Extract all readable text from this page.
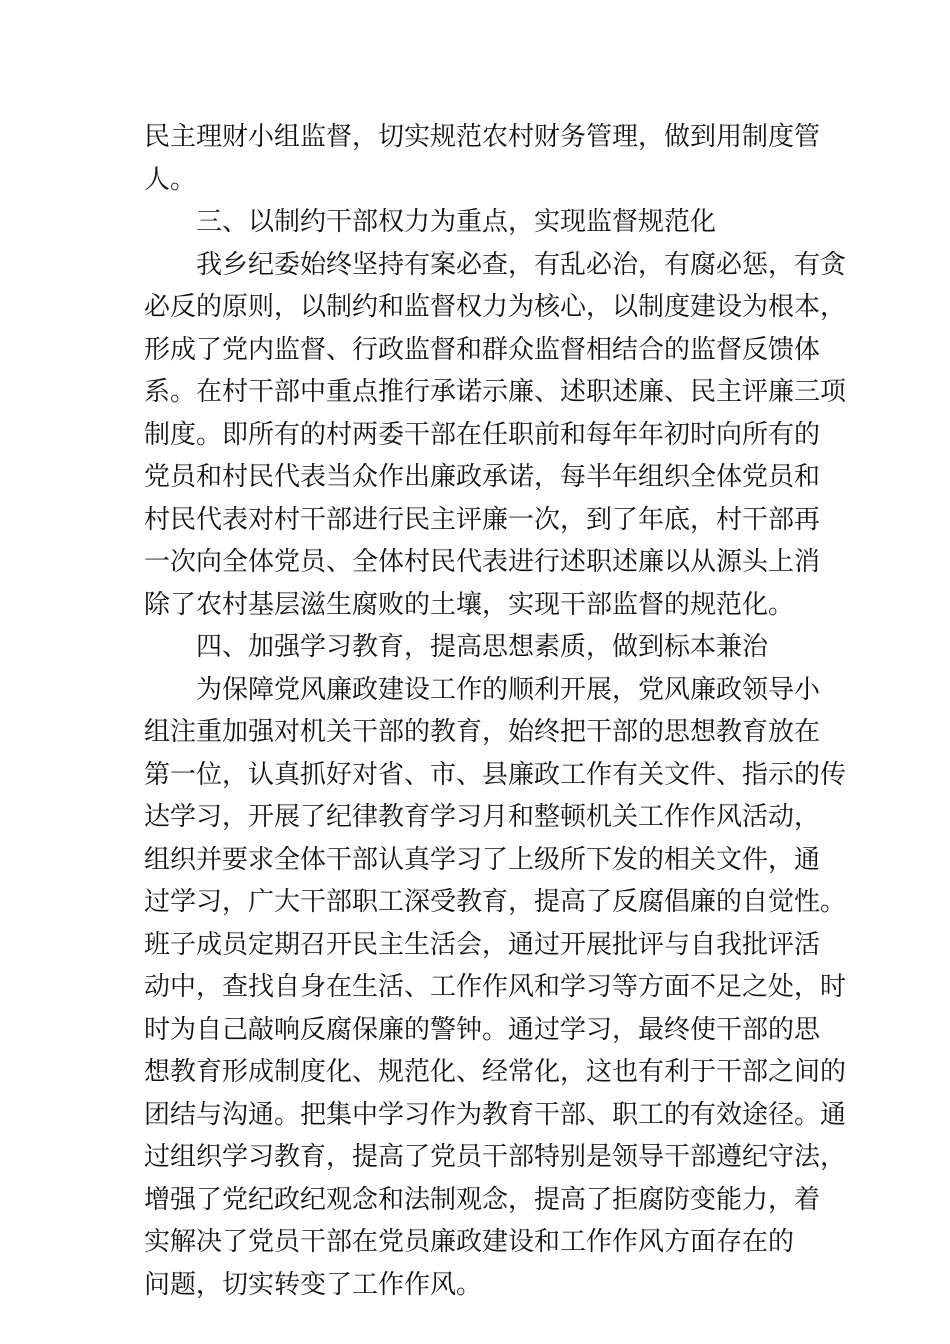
民主理财小组监督，切实规范农村财务管理，做到用制度管
人。
三、以制约干部权力为重点，实现监督规范化
我乡纪委始终坚持有案必查，有乱必治，有腐必惩，有贪
必反的原则，以制约和监督权力为核心，以制度建设为根本，
形成了党内监督、行政监督和群众监督相结合的监督反馈体
系。在村干部中重点推行承诺示廉、述职述廉、民主评廉三项
制度。即所有的村两委干部在任职前和每年年初时向所有的
党员和村民代表当众作出廉政承诺，每半年组织全体党员和
村民代表对村干部进行民主评廉一次，到了年底，村干部再
一次向全体党员、全体村民代表进行述职述廉以从源头上消
除了农村基层滋生腐败的土壤，实现干部监督的规范化。
四、加强学习教育，提高思想素质，做到标本兼治
为保障党风廉政建设工作的顺利开展，党风廉政领导小
组注重加强对机关干部的教育，始终把干部的思想教育放在
第一位，认真抓好对省、市、县廉政工作有关文件、指示的传
达学习，开展了纪律教育学习月和整顿机关工作作风活动，
组织并要求全体干部认真学习了上级所下发的相关文件，通
过学习，广大干部职工深受教育，提高了反腐倡廉的自觉性。
班子成员定期召开民主生活会，通过开展批评与自我批评活
动中，查找自身在生活、工作作风和学习等方面不足之处，时
时为自己敲响反腐保廉的警钟。通过学习，最终使干部的思
想教育形成制度化、规范化、经常化，这也有利于干部之间的
团结与沟通。把集中学习作为教育干部、职工的有效途径。通
过组织学习教育，提高了党员干部特别是领导干部遵纪守法，
增强了党纪政纪观念和法制观念，提高了拒腐防变能力，着
实解决了党员干部在党员廉政建设和工作作风方面存在的
问题，切实转变了工作作风。
